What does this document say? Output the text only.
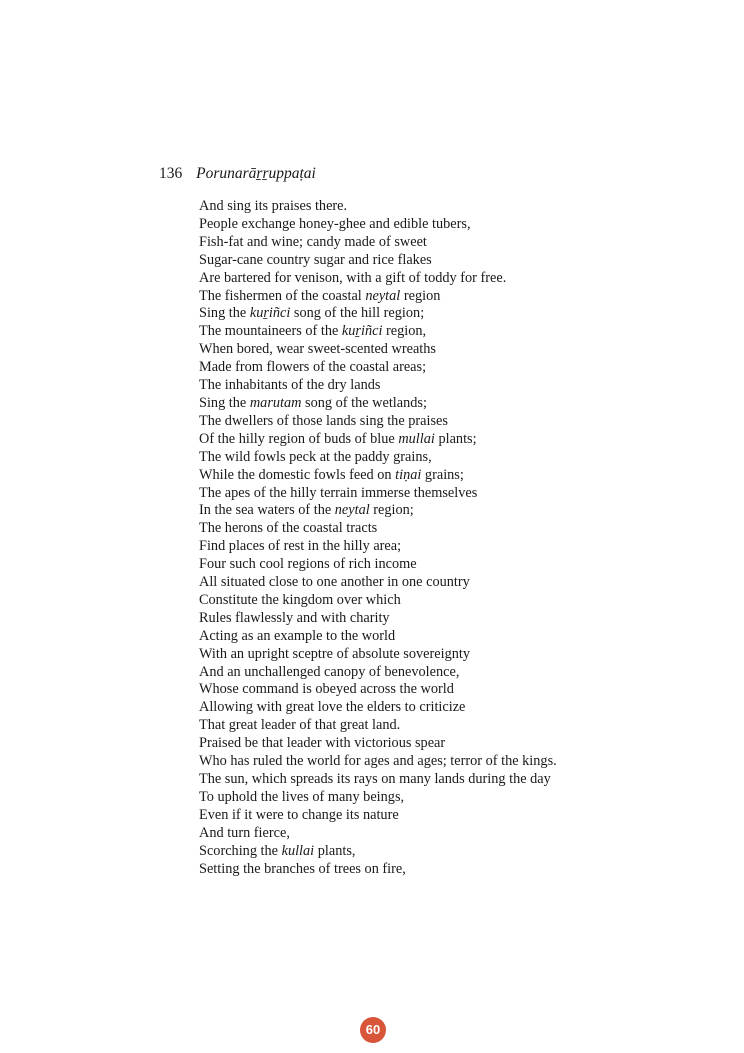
136 Porunarāṟṟuppaṭai
And sing its praises there.
People exchange honey-ghee and edible tubers,
Fish-fat and wine; candy made of sweet
Sugar-cane country sugar and rice flakes
Are bartered for venison, with a gift of toddy for free.
The fishermen of the coastal neytal region
Sing the kuṟiñci song of the hill region;
The mountaineers of the kuṟiñci region,
When bored, wear sweet-scented wreaths
Made from flowers of the coastal areas;
The inhabitants of the dry lands
Sing the marutam song of the wetlands;
The dwellers of those lands sing the praises
Of the hilly region of buds of blue mullai plants;
The wild fowls peck at the paddy grains,
While the domestic fowls feed on tiṇai grains;
The apes of the hilly terrain immerse themselves
In the sea waters of the neytal region;
The herons of the coastal tracts
Find places of rest in the hilly area;
Four such cool regions of rich income
All situated close to one another in one country
Constitute the kingdom over which
Rules flawlessly and with charity
Acting as an example to the world
With an upright sceptre of absolute sovereignty
And an unchallenged canopy of benevolence,
Whose command is obeyed across the world
Allowing with great love the elders to criticize
That great leader of that great land.
Praised be that leader with victorious spear
Who has ruled the world for ages and ages; terror of the kings.
The sun, which spreads its rays on many lands during the day
To uphold the lives of many beings,
Even if it were to change its nature
And turn fierce,
Scorching the kullai plants,
Setting the branches of trees on fire,
60
